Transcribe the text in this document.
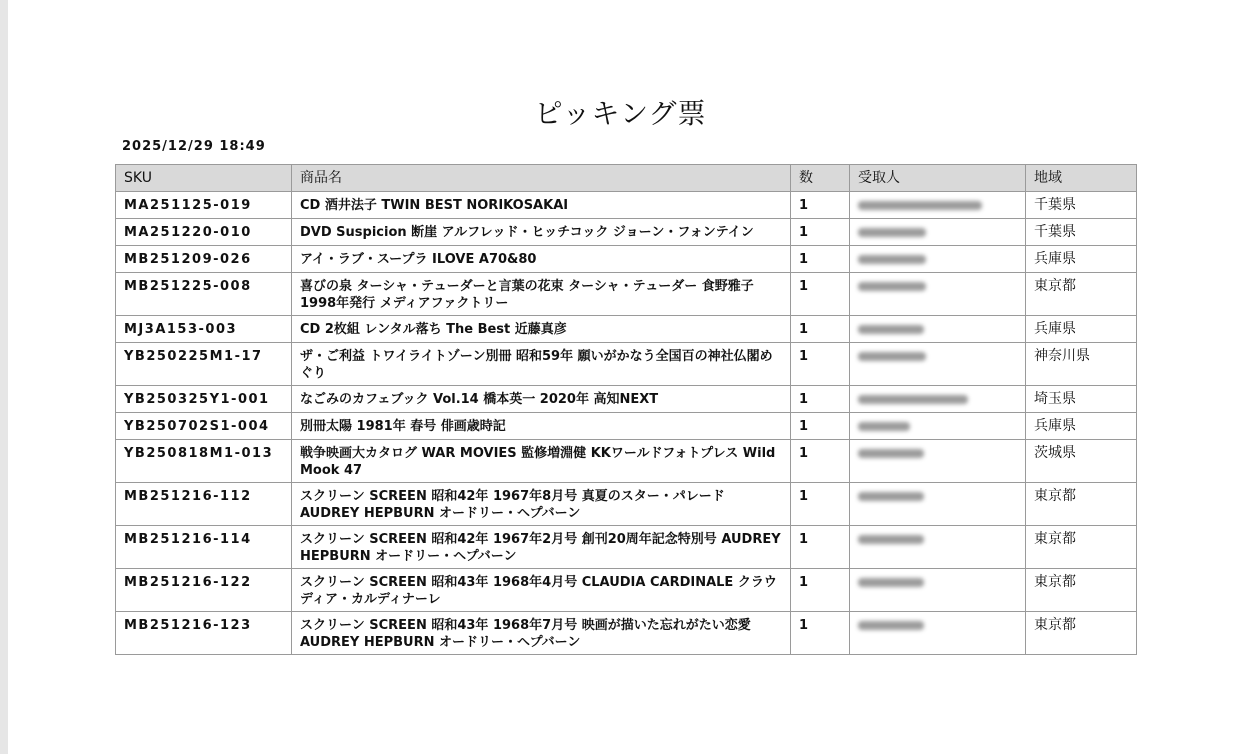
ピッキング票
2025/12/29 18:49
SKU	商品名	数	受取人	地域
MA251125-019	CD 酒井法子 TWIN BEST NORIKOSAKAI	1		千葉県
MA251220-010	DVD Suspicion 断崖 アルフレッド・ヒッチコック ジョーン・フォンテイン	1		千葉県
MB251209-026	アイ・ラブ・スープラ ILOVE A70&80	1		兵庫県
MB251225-008	喜びの泉 ターシャ・テューダーと言葉の花束 ターシャ・テューダー 食野雅子 1998年発行 メディアファクトリー	1		東京都
MJ3A153-003	CD 2枚組 レンタル落ち The Best 近藤真彦	1		兵庫県
YB250225M1-17	ザ・ご利益 トワイライトゾーン別冊 昭和59年 願いがかなう全国百の神社仏閣めぐり	1		神奈川県
YB250325Y1-001	なごみのカフェブック Vol.14 橋本英一 2020年 高知NEXT	1		埼玉県
YB250702S1-004	別冊太陽 1981年 春号 俳画歳時記	1		兵庫県
YB250818M1-013	戦争映画大カタログ WAR MOVIES 監修増淵健 KKワールドフォトプレス Wild Mook 47	1		茨城県
MB251216-112	スクリーン SCREEN 昭和42年 1967年8月号 真夏のスター・パレード AUDREY HEPBURN オードリー・ヘプバーン	1		東京都
MB251216-114	スクリーン SCREEN 昭和42年 1967年2月号 創刊20周年記念特別号 AUDREY HEPBURN オードリー・ヘプバーン	1		東京都
MB251216-122	スクリーン SCREEN 昭和43年 1968年4月号 CLAUDIA CARDINALE クラウディア・カルディナーレ	1		東京都
MB251216-123	スクリーン SCREEN 昭和43年 1968年7月号 映画が描いた忘れがたい恋愛 AUDREY HEPBURN オードリー・ヘプバーン	1		東京都
